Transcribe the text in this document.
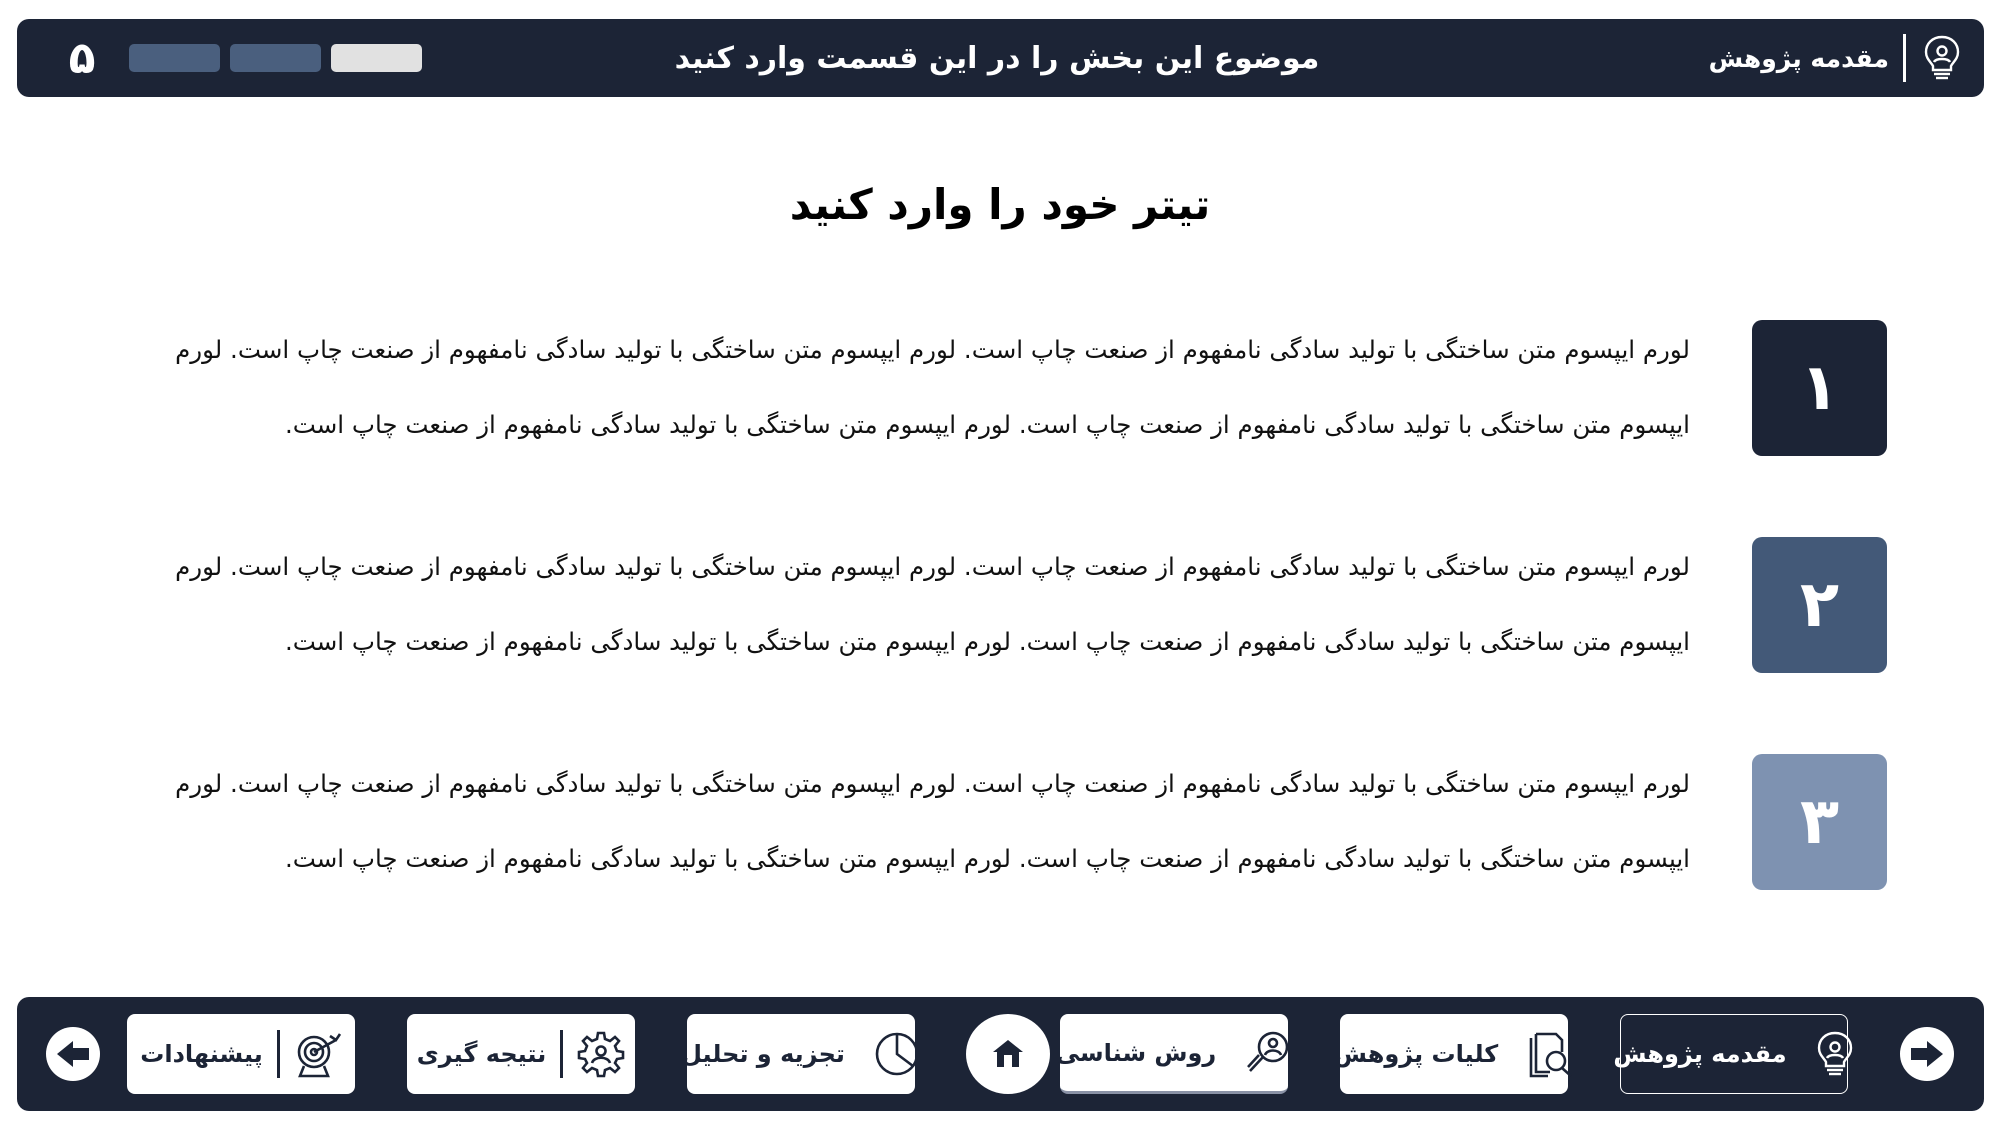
مقدمه پژوهش
موضوع این بخش را در این قسمت وارد کنید
۵
تیتر خود را وارد کنید
۱
لورم ایپسوم متن ساختگی با تولید سادگی نامفهوم از صنعت چاپ است. لورم ایپسوم متن ساختگی با تولید سادگی نامفهوم از صنعت چاپ است. لورم ایپسوم متن ساختگی با تولید سادگی نامفهوم از صنعت چاپ است. لورم ایپسوم متن ساختگی با تولید سادگی نامفهوم از صنعت چاپ است.
۲
لورم ایپسوم متن ساختگی با تولید سادگی نامفهوم از صنعت چاپ است. لورم ایپسوم متن ساختگی با تولید سادگی نامفهوم از صنعت چاپ است. لورم ایپسوم متن ساختگی با تولید سادگی نامفهوم از صنعت چاپ است. لورم ایپسوم متن ساختگی با تولید سادگی نامفهوم از صنعت چاپ است.
۳
لورم ایپسوم متن ساختگی با تولید سادگی نامفهوم از صنعت چاپ است. لورم ایپسوم متن ساختگی با تولید سادگی نامفهوم از صنعت چاپ است. لورم ایپسوم متن ساختگی با تولید سادگی نامفهوم از صنعت چاپ است. لورم ایپسوم متن ساختگی با تولید سادگی نامفهوم از صنعت چاپ است.
مقدمه پژوهش
کلیات پژوهش
روش شناسی
تجزیه و تحلیل
نتیجه گیری
پیشنهادات
